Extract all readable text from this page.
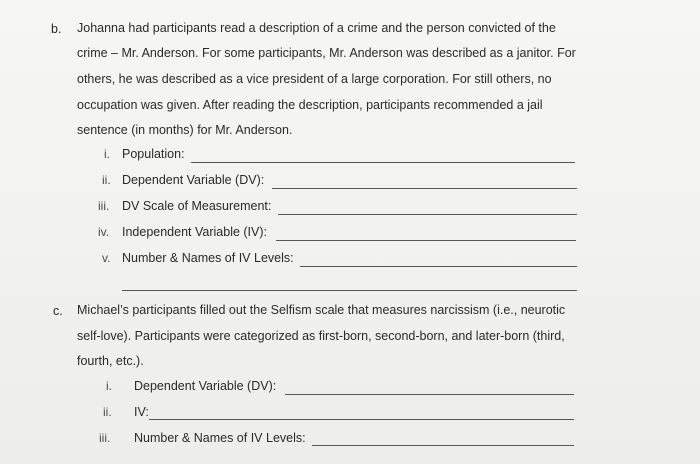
b. Johanna had participants read a description of a crime and the person convicted of the
crime – Mr. Anderson. For some participants, Mr. Anderson was described as a janitor. For
others, he was described as a vice president of a large corporation. For still others, no
occupation was given. After reading the description, participants recommended a jail
sentence (in months) for Mr. Anderson.
i. Population:
ii. Dependent Variable (DV):
iii. DV Scale of Measurement:
iv. Independent Variable (IV):
v. Number & Names of IV Levels:
c. Michael’s participants filled out the Selfism scale that measures narcissism (i.e., neurotic
self-love). Participants were categorized as first-born, second-born, and later-born (third,
fourth, etc.).
i. Dependent Variable (DV):
ii. IV:
iii. Number & Names of IV Levels:
